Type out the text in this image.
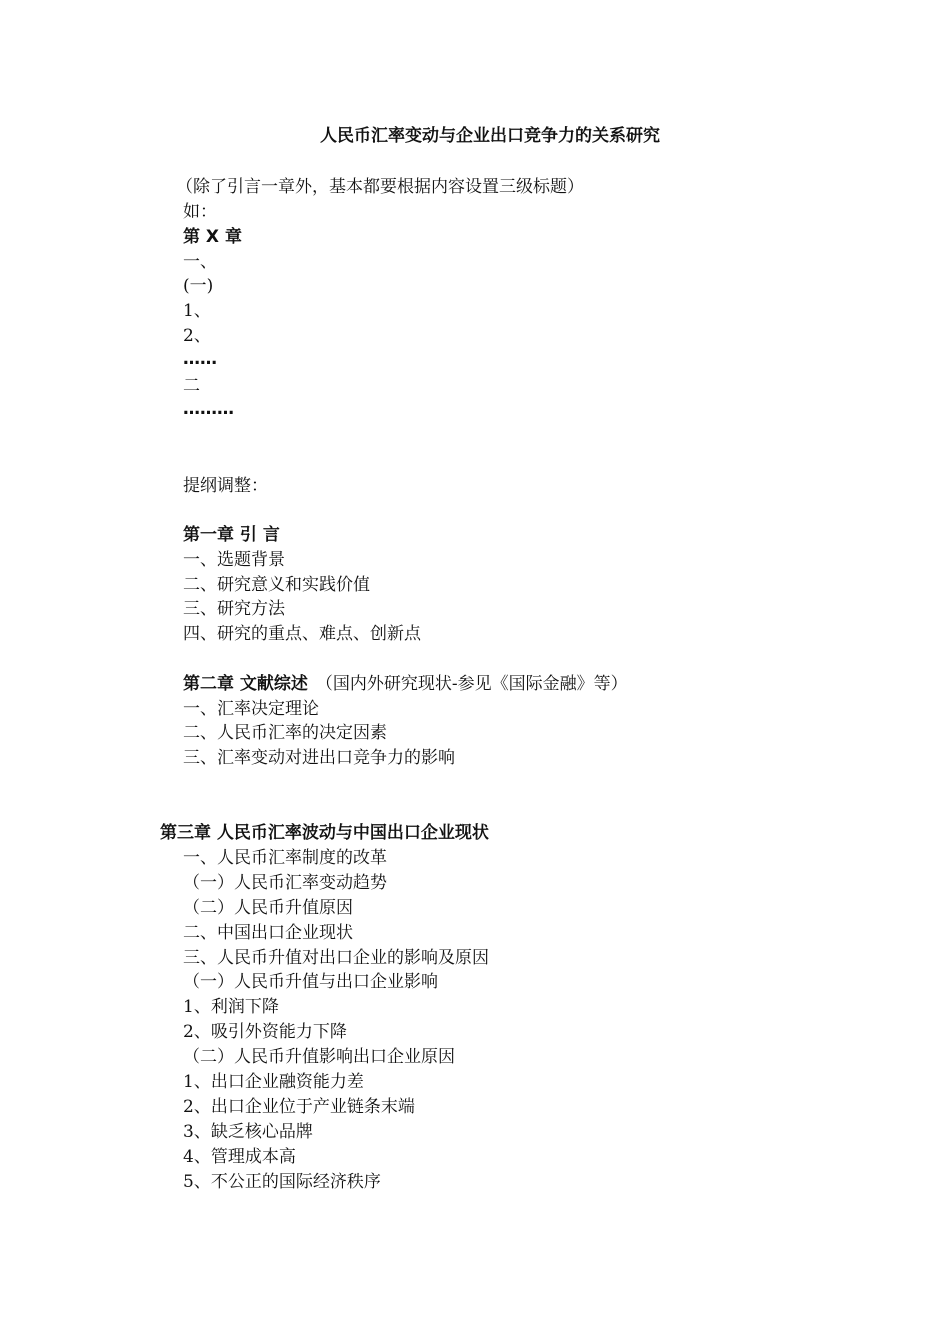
人民币汇率变动与企业出口竞争力的关系研究
（除了引言一章外，基本都要根据内容设置三级标题）
如：
第 X 章
一、
(一)
1、
2、
……
二
………
提纲调整：
第一章 引 言
一、选题背景
二、研究意义和实践价值
三、研究方法
四、研究的重点、难点、创新点
第二章 文献综述 （国内外研究现状-参见《国际金融》等）
一、汇率决定理论
二、人民币汇率的决定因素
三、汇率变动对进出口竞争力的影响
第三章 人民币汇率波动与中国出口企业现状
一、人民币汇率制度的改革
（一）人民币汇率变动趋势
（二）人民币升值原因
二、中国出口企业现状
三、人民币升值对出口企业的影响及原因
（一）人民币升值与出口企业影响
1、利润下降
2、吸引外资能力下降
（二）人民币升值影响出口企业原因
1、出口企业融资能力差
2、出口企业位于产业链条末端
3、缺乏核心品牌
4、管理成本高
5、不公正的国际经济秩序
